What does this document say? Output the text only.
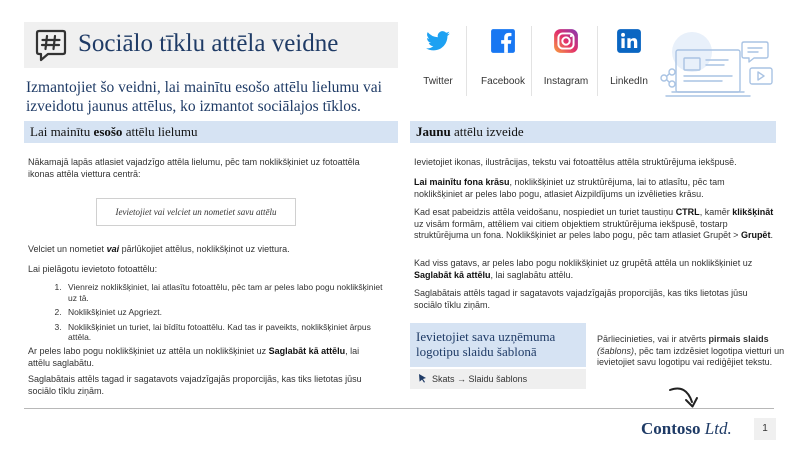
Sociālo tīklu attēla veidne
Izmantojiet šo veidni, lai mainītu esošo attēlu lielumu vai izveidotu jaunus attēlus, ko izmantot sociālajos tīklos.
Twitter	Facebook	Instagram	LinkedIn
Lai mainītu esošo attēlu lielumu
Nākamajā lapās atlasiet vajadzīgo attēla lielumu, pēc tam noklikšķiniet uz fotoattēla ikonas attēla viettura centrā:
Ievietojiet vai velciet un nometiet savu attēlu
Velciet un nometiet vai pārlūkojiet attēlus, noklikšķinot uz viettura.
Lai pielāgotu ievietoto fotoattēlu:
1. Vienreiz noklikšķiniet, lai atlasītu fotoattēlu, pēc tam ar peles labo pogu noklikšķiniet uz tā.
2. Noklikšķiniet uz Apgriezt.
3. Noklikšķiniet un turiet, lai bīdītu fotoattēlu. Kad tas ir paveikts, noklikšķiniet ārpus attēla.
Ar peles labo pogu noklikšķiniet uz attēla un noklikšķiniet uz Saglabāt kā attēlu, lai attēlu saglabātu.
Saglabātais attēls tagad ir sagatavots vajadzīgajās proporcijās, kas tiks lietotas jūsu sociālo tīklu ziņām.
Jaunu attēlu izveide
Ievietojiet ikonas, ilustrācijas, tekstu vai fotoattēlus attēla struktūrējuma iekšpusē.
Lai mainītu fona krāsu, noklikšķiniet uz struktūrējuma, lai to atlasītu, pēc tam noklikšķiniet ar peles labo pogu, atlasiet Aizpildījums un izvēlieties krāsu.
Kad esat pabeidzis attēla veidošanu, nospiediet un turiet taustiņu CTRL, kamēr klikšķināt uz visām formām, attēliem vai citiem objektiem struktūrējuma iekšpusē, tostarp struktūrējuma un fona. Noklikšķiniet ar peles labo pogu, pēc tam atlasiet Grupēt > Grupēt.
Kad viss gatavs, ar peles labo pogu noklikšķiniet uz grupētā attēla un noklikšķiniet uz Saglabāt kā attēlu, lai saglabātu attēlu.
Saglabātais attēls tagad ir sagatavots vajadzīgajās proporcijās, kas tiks lietotas jūsu sociālo tīklu ziņām.
Ievietojiet sava uzņēmuma logotipu slaidu šablonā
Skats → Slaidu šablons
Pārliecinieties, vai ir atvērts pirmais slaids (šablons), pēc tam izdzēsiet logotipa vietturi un ievietojiet savu logotipu vai rediģējiet tekstu.
Contoso Ltd.	1
